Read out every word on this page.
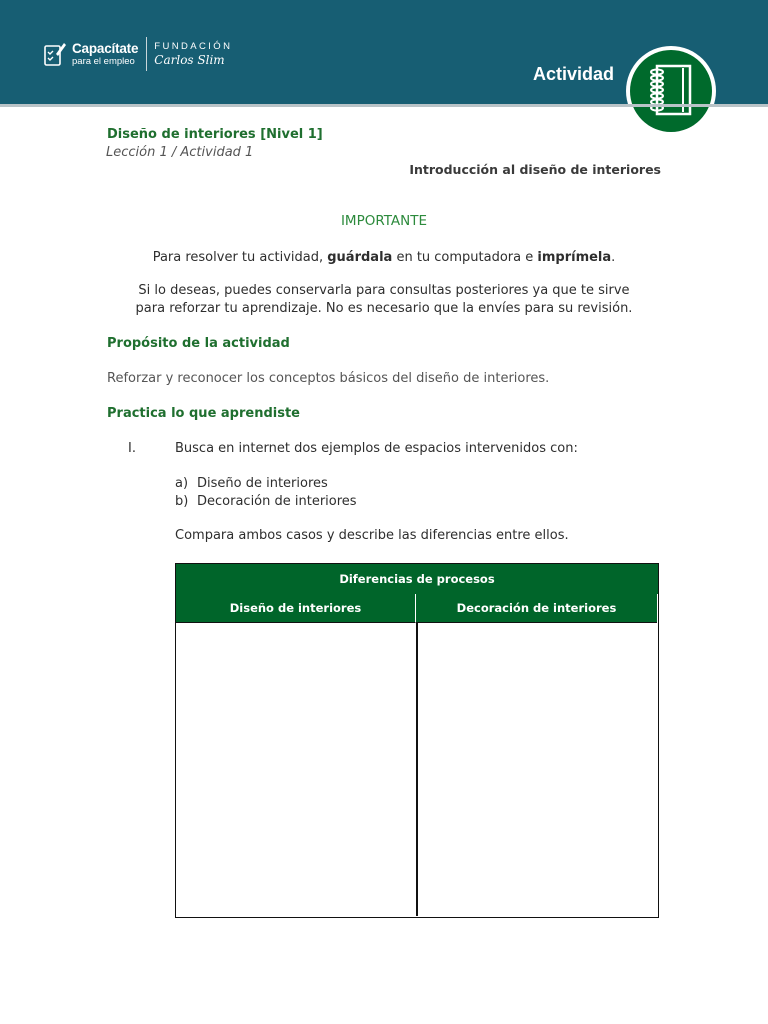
Capacítate
para el empleo
FUNDACIÓN
Carlos Slim
Actividad
Diseño de interiores [Nivel 1]
Lección 1 / Actividad 1
Introducción al diseño de interiores
IMPORTANTE
Para resolver tu actividad, guárdala en tu computadora e imprímela.
Si lo deseas, puedes conservarla para consultas posteriores ya que te sirve
para reforzar tu aprendizaje. No es necesario que la envíes para su revisión.
Propósito de la actividad
Reforzar y reconocer los conceptos básicos del diseño de interiores.
Practica lo que aprendiste
I.	Busca en internet dos ejemplos de espacios intervenidos con:
a) Diseño de interiores
b) Decoración de interiores
Compara ambos casos y describe las diferencias entre ellos.
Diferencias de procesos
Diseño de interiores	Decoración de interiores
